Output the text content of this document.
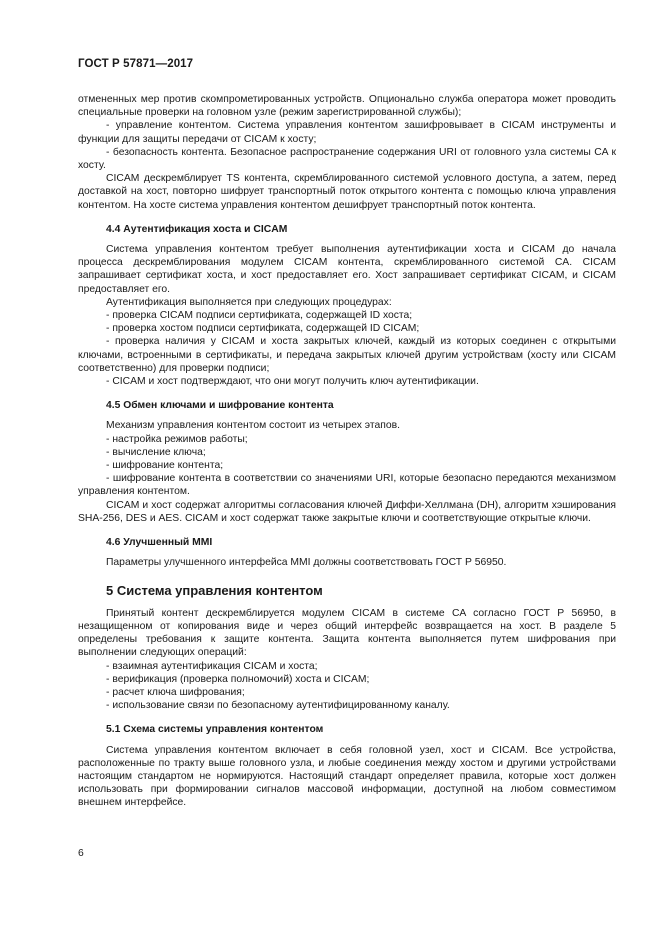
ГОСТ Р 57871—2017

отмененных мер против скомпрометированных устройств. Опционально служба оператора может проводить специальные проверки на головном узле (режим зарегистрированной службы);

- управление контентом. Система управления контентом зашифровывает в CICAM инструменты и функции для защиты передачи от CICAM к хосту;

- безопасность контента. Безопасное распространение содержания URI от головного узла системы CA к хосту.

CICAM дескремблирует TS контента, скремблированного системой условного доступа, а затем, перед доставкой на хост, повторно шифрует транспортный поток открытого контента с помощью ключа управления контентом. На хосте система управления контентом дешифрует транспортный поток контента.

4.4 Аутентификация хоста и CICAM

Система управления контентом требует выполнения аутентификации хоста и CICAM до начала процесса дескремблирования модулем CICAM контента, скремблированного системой CA. CICAM запрашивает сертификат хоста, и хост предоставляет его. Хост запрашивает сертификат CICAM, и CICAM предоставляет его.

Аутентификация выполняется при следующих процедурах:

- проверка CICAM подписи сертификата, содержащей ID хоста;

- проверка хостом подписи сертификата, содержащей ID CICAM;

- проверка наличия у CICAM и хоста закрытых ключей, каждый из которых соединен с открытыми ключами, встроенными в сертификаты, и передача закрытых ключей другим устройствам (хосту или CICAM соответственно) для проверки подписи;

- CICAM и хост подтверждают, что они могут получить ключ аутентификации.

4.5 Обмен ключами и шифрование контента

Механизм управления контентом состоит из четырех этапов.

- настройка режимов работы;

- вычисление ключа;

- шифрование контента;

- шифрование контента в соответствии со значениями URI, которые безопасно передаются механизмом управления контентом.

CICAM и хост содержат алгоритмы согласования ключей Диффи-Хеллмана (DH), алгоритм хэширования SHA-256, DES и AES. CICAM и хост содержат также закрытые ключи и соответствующие открытые ключи.

4.6 Улучшенный MMI

Параметры улучшенного интерфейса MMI должны соответствовать ГОСТ Р 56950.

5 Система управления контентом

Принятый контент дескремблируется модулем CICAM в системе CA согласно ГОСТ Р 56950, в незащищенном от копирования виде и через общий интерфейс возвращается на хост. В разделе 5 определены требования к защите контента. Защита контента выполняется путем шифрования при выполнении следующих операций:

- взаимная аутентификация CICAM и хоста;

- верификация (проверка полномочий) хоста и CICAM;

- расчет ключа шифрования;

- использование связи по безопасному аутентифицированному каналу.

5.1 Схема системы управления контентом

Система управления контентом включает в себя головной узел, хост и CICAM. Все устройства, расположенные по тракту выше головного узла, и любые соединения между хостом и другими устройствами настоящим стандартом не нормируются. Настоящий стандарт определяет правила, которые хост должен использовать при формировании сигналов массовой информации, доступной на любом совместимом внешнем интерфейсе.

6
